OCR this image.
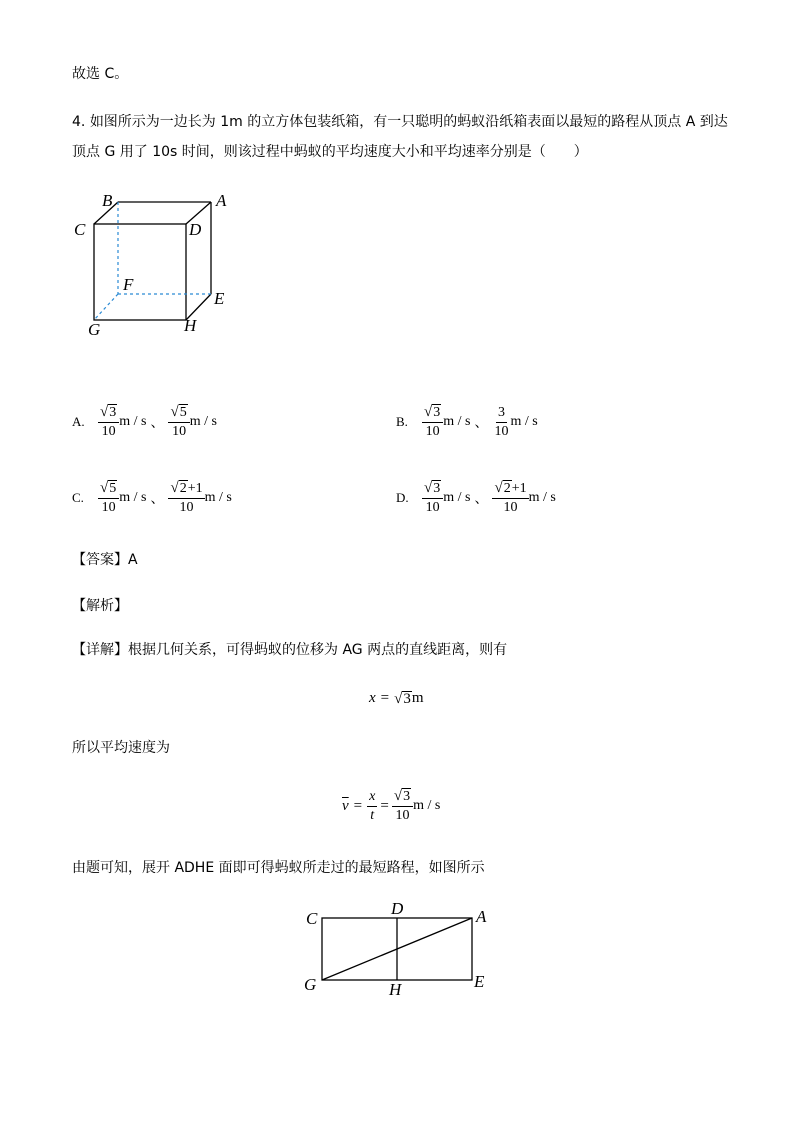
故选 C。
4. 如图所示为一边长为 1m 的立方体包装纸箱，有一只聪明的蚂蚁沿纸箱表面以最短的路程从顶点 A 到达
顶点 G 用了 10s 时间，则该过程中蚂蚁的平均速度大小和平均速率分别是（　　）
B	A
C	D
F
E
G	H
A. $\frac{√ 3}{10}$ m / s 、 $\frac{√ 5}{10}$ m / s	B. $\frac{√ 3}{10}$ m / s 、 $\frac{3}{10}$ m / s
C. $\frac{√ 5}{10}$ m / s 、 $\frac{√ 2 +1}{10}$ m / s	D. $\frac{√ 3}{10}$ m / s 、 $\frac{√ 2 +1}{10}$ m / s
【答案】A
【解析】
【详解】根据几何关系，可得蚂蚁的位移为 AG 两点的直线距离，则有
x = √ 3 m
所以平均速度为
$\overline{v} = \frac{x}{t} = \frac{√ 3}{10}$ m / s
由题可知，展开 ADHE 面即可得蚂蚁所走过的最短路程，如图所示
C
D	A
G	H	E
